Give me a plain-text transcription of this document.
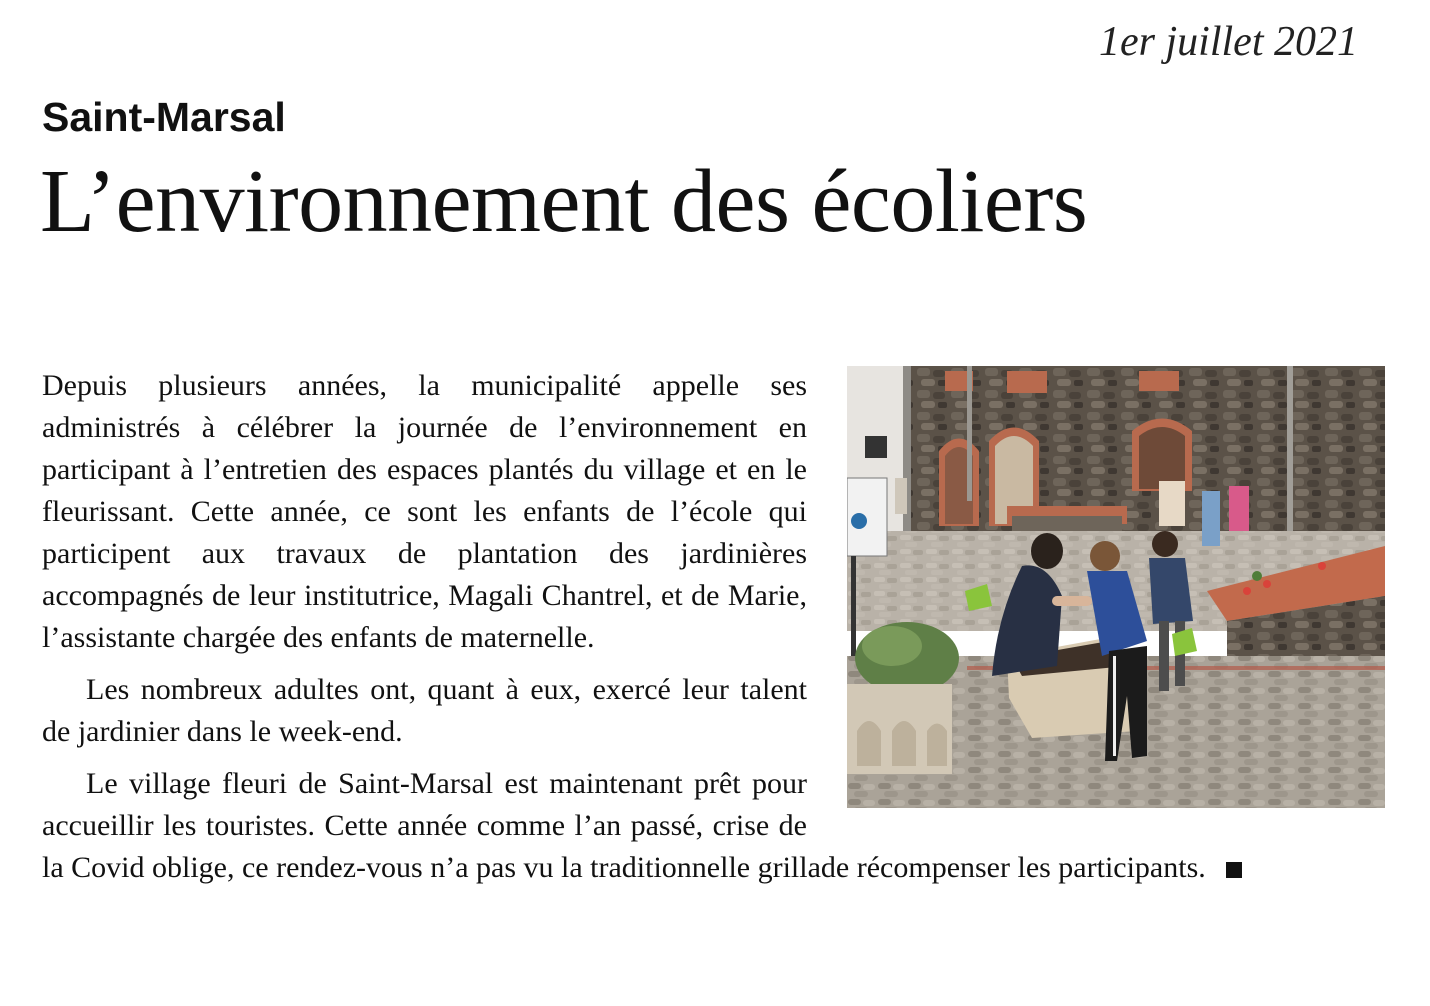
1er juillet 2021
Saint-Marsal
L’environnement des écoliers

Depuis plusieurs années, la municipalité appelle ses administrés à célébrer la journée de l’environnement en participant à l’entretien des espaces plantés du village et en le fleurissant. Cette année, ce sont les enfants de l’école qui participent aux travaux de plantation des jardinières accompagnés de leur institutrice, Magali Chantrel, et de Marie, l’assistante chargée des enfants de maternelle.

Les nombreux adultes ont, quant à eux, exercé leur talent de jardinier dans le week-end.

Le village fleuri de Saint-Marsal est maintenant prêt pour accueillir les touristes. Cette année comme l’an passé, crise de la Covid oblige, ce rendez-vous n’a pas vu la traditionnelle grillade récompenser les participants.
